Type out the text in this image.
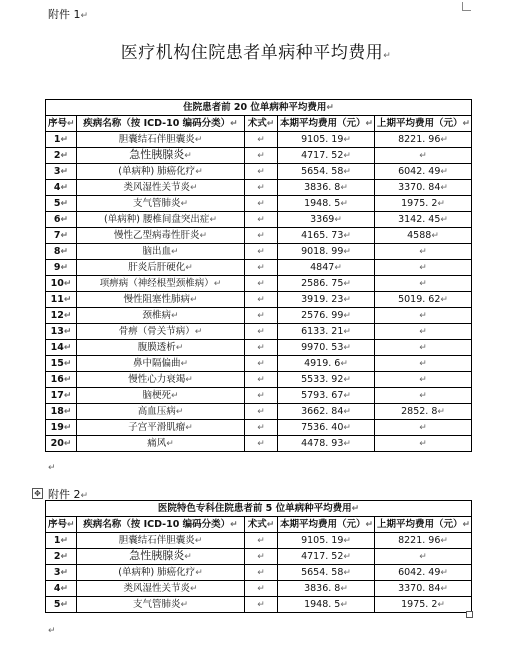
附件 1↵
医疗机构住院患者单病种平均费用↵
住院患者前 20 位单病种平均费用↵				
序号↵	疾病名称（按 ICD-10 编码分类）↵	术式↵	本期平均费用（元）↵	上期平均费用（元）↵
1↵	胆囊结石伴胆囊炎↵	↵	9105. 19↵	8221. 96↵
2↵	急性胰腺炎↵	↵	4717. 52↵	↵
3↵	(单病种) 肺癌化疗↵	↵	5654. 58↵	6042. 49↵
4↵	类风湿性关节炎↵	↵	3836. 8↵	3370. 84↵
5↵	支气管肺炎↵	↵	1948. 5↵	1975. 2↵
6↵	(单病种) 腰椎间盘突出症↵	↵	3369↵	3142. 45↵
7↵	慢性乙型病毒性肝炎↵	↵	4165. 73↵	4588↵
8↵	脑出血↵	↵	9018. 99↵	↵
9↵	肝炎后肝硬化↵	↵	4847↵	↵
10↵	项痹病（神经根型颈椎病）↵	↵	2586. 75↵	↵
11↵	慢性阻塞性肺病↵	↵	3919. 23↵	5019. 62↵
12↵	颈椎病↵	↵	2576. 99↵	↵
13↵	骨痹（骨关节病）↵	↵	6133. 21↵	↵
14↵	腹膜透析↵	↵	9970. 53↵	↵
15↵	鼻中隔偏曲↵	↵	4919. 6↵	↵
16↵	慢性心力衰竭↵	↵	5533. 92↵	↵
17↵	脑梗死↵	↵	5793. 67↵	↵
18↵	高血压病↵	↵	3662. 84↵	2852. 8↵
19↵	子宫平滑肌瘤↵	↵	7536. 40↵	↵
20↵	痛风↵	↵	4478. 93↵	↵
↵
✥ 附件 2↵
医院特色专科住院患者前 5 位单病种平均费用↵				
序号↵	疾病名称（按 ICD-10 编码分类）↵	术式↵	本期平均费用（元）↵	上期平均费用（元）↵
1↵	胆囊结石伴胆囊炎↵	↵	9105. 19↵	8221. 96↵
2↵	急性胰腺炎↵	↵	4717. 52↵	↵
3↵	(单病种) 肺癌化疗↵	↵	5654. 58↵	6042. 49↵
4↵	类风湿性关节炎↵	↵	3836. 8↵	3370. 84↵
5↵	支气管肺炎↵	↵	1948. 5↵	1975. 2↵
↵
